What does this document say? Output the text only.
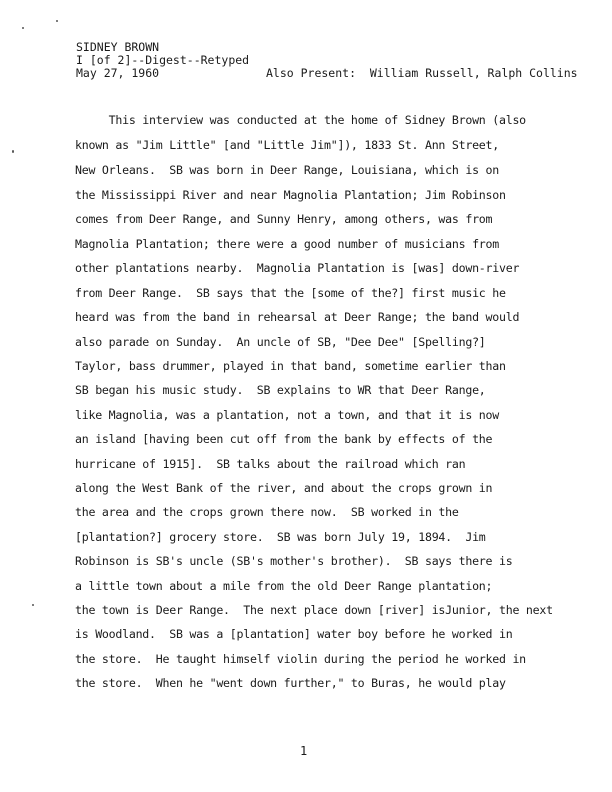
SIDNEY BROWN
I [of 2]--Digest--Retyped
May 27, 1960	Also Present:  William Russell, Ralph Collins
This interview was conducted at the home of Sidney Brown (also
known as "Jim Little" [and "Little Jim"]), 1833 St. Ann Street,
New Orleans.  SB was born in Deer Range, Louisiana, which is on
the Mississippi River and near Magnolia Plantation; Jim Robinson
comes from Deer Range, and Sunny Henry, among others, was from
Magnolia Plantation; there were a good number of musicians from
other plantations nearby.  Magnolia Plantation is [was] down-river
from Deer Range.  SB says that the [some of the?] first music he
heard was from the band in rehearsal at Deer Range; the band would
also parade on Sunday.  An uncle of SB, "Dee Dee" [Spelling?]
Taylor, bass drummer, played in that band, sometime earlier than
SB began his music study.  SB explains to WR that Deer Range,
like Magnolia, was a plantation, not a town, and that it is now
an island [having been cut off from the bank by effects of the
hurricane of 1915].  SB talks about the railroad which ran
along the West Bank of the river, and about the crops grown in
the area and the crops grown there now.  SB worked in the
[plantation?] grocery store.  SB was born July 19, 1894.  Jim
Robinson is SB's uncle (SB's mother's brother).  SB says there is
a little town about a mile from the old Deer Range plantation;
the town is Deer Range.  The next place down [river] isJunior, the next
is Woodland.  SB was a [plantation] water boy before he worked in
the store.  He taught himself violin during the period he worked in
the store.  When he "went down further," to Buras, he would play
1
